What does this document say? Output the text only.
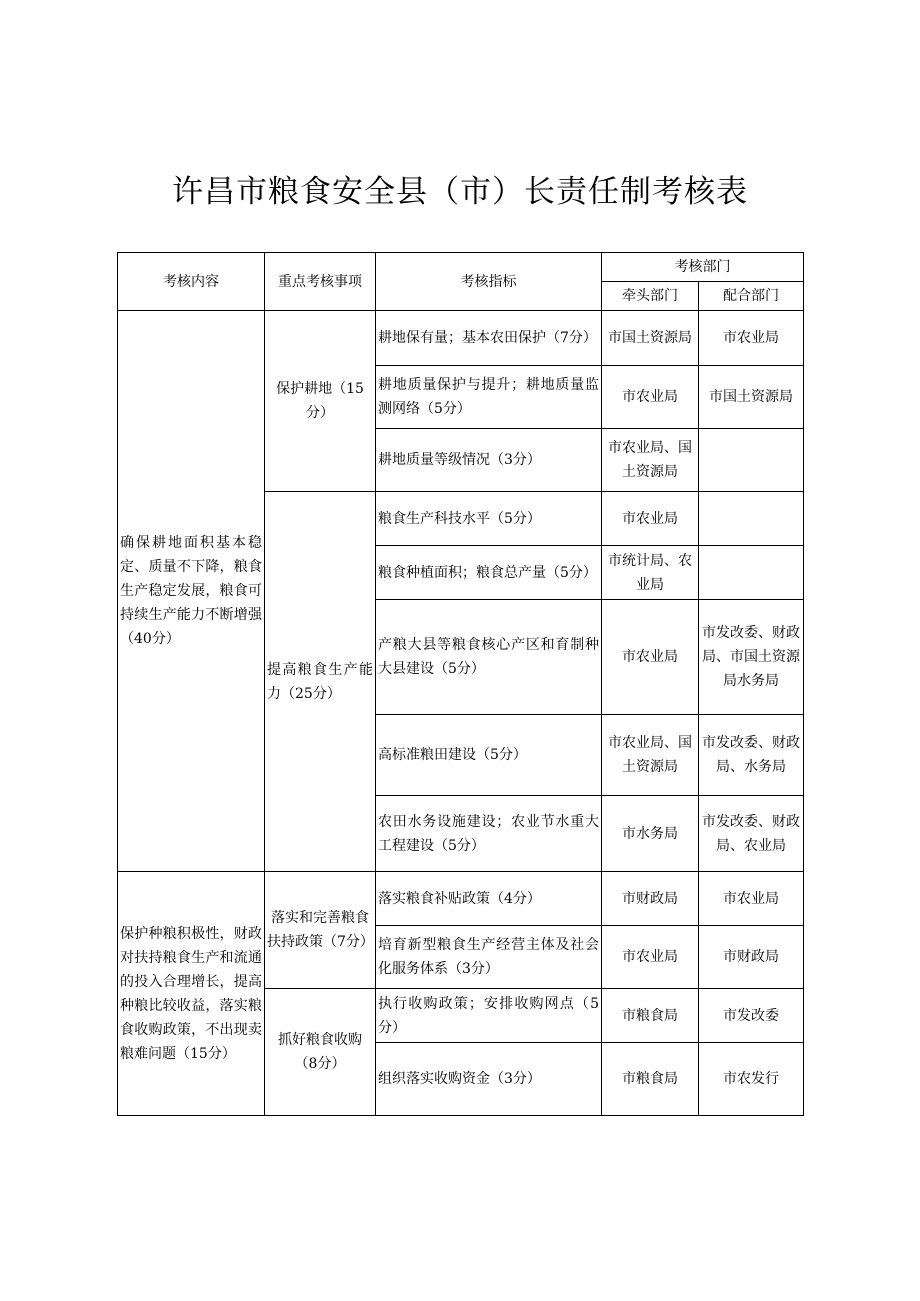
许昌市粮食安全县（市）长责任制考核表
考核内容	重点考核事项	考核指标	考核部门	
			牵头部门	配合部门
确保耕地面积基本稳定、质量不下降，粮食生产稳定发展，粮食可持续生产能力不断增强（40分）	保护耕地（15分）	耕地保有量；基本农田保护（7分）	市国土资源局	市农业局
		耕地质量保护与提升；耕地质量监测网络（5分）	市农业局	市国土资源局
		耕地质量等级情况（3分）	市农业局、国土资源局	
	提高粮食生产能力（25分）	粮食生产科技水平（5分）	市农业局	
		粮食种植面积；粮食总产量（5分）	市统计局、农业局	
		产粮大县等粮食核心产区和育制种大县建设（5分）	市农业局	市发改委、财政局、市国土资源局水务局
		高标准粮田建设（5分）	市农业局、国土资源局	市发改委、财政局、水务局
		农田水务设施建设；农业节水重大工程建设（5分）	市水务局	市发改委、财政局、农业局
保护种粮积极性，财政对扶持粮食生产和流通的投入合理增长，提高种粮比较收益，落实粮食收购政策，不出现卖粮难问题（15分）	落实和完善粮食扶持政策（7分）	落实粮食补贴政策（4分）	市财政局	市农业局
		培育新型粮食生产经营主体及社会化服务体系（3分）	市农业局	市财政局
	抓好粮食收购（8分）	执行收购政策；安排收购网点（5分）	市粮食局	市发改委
		组织落实收购资金（3分）	市粮食局	市农发行
